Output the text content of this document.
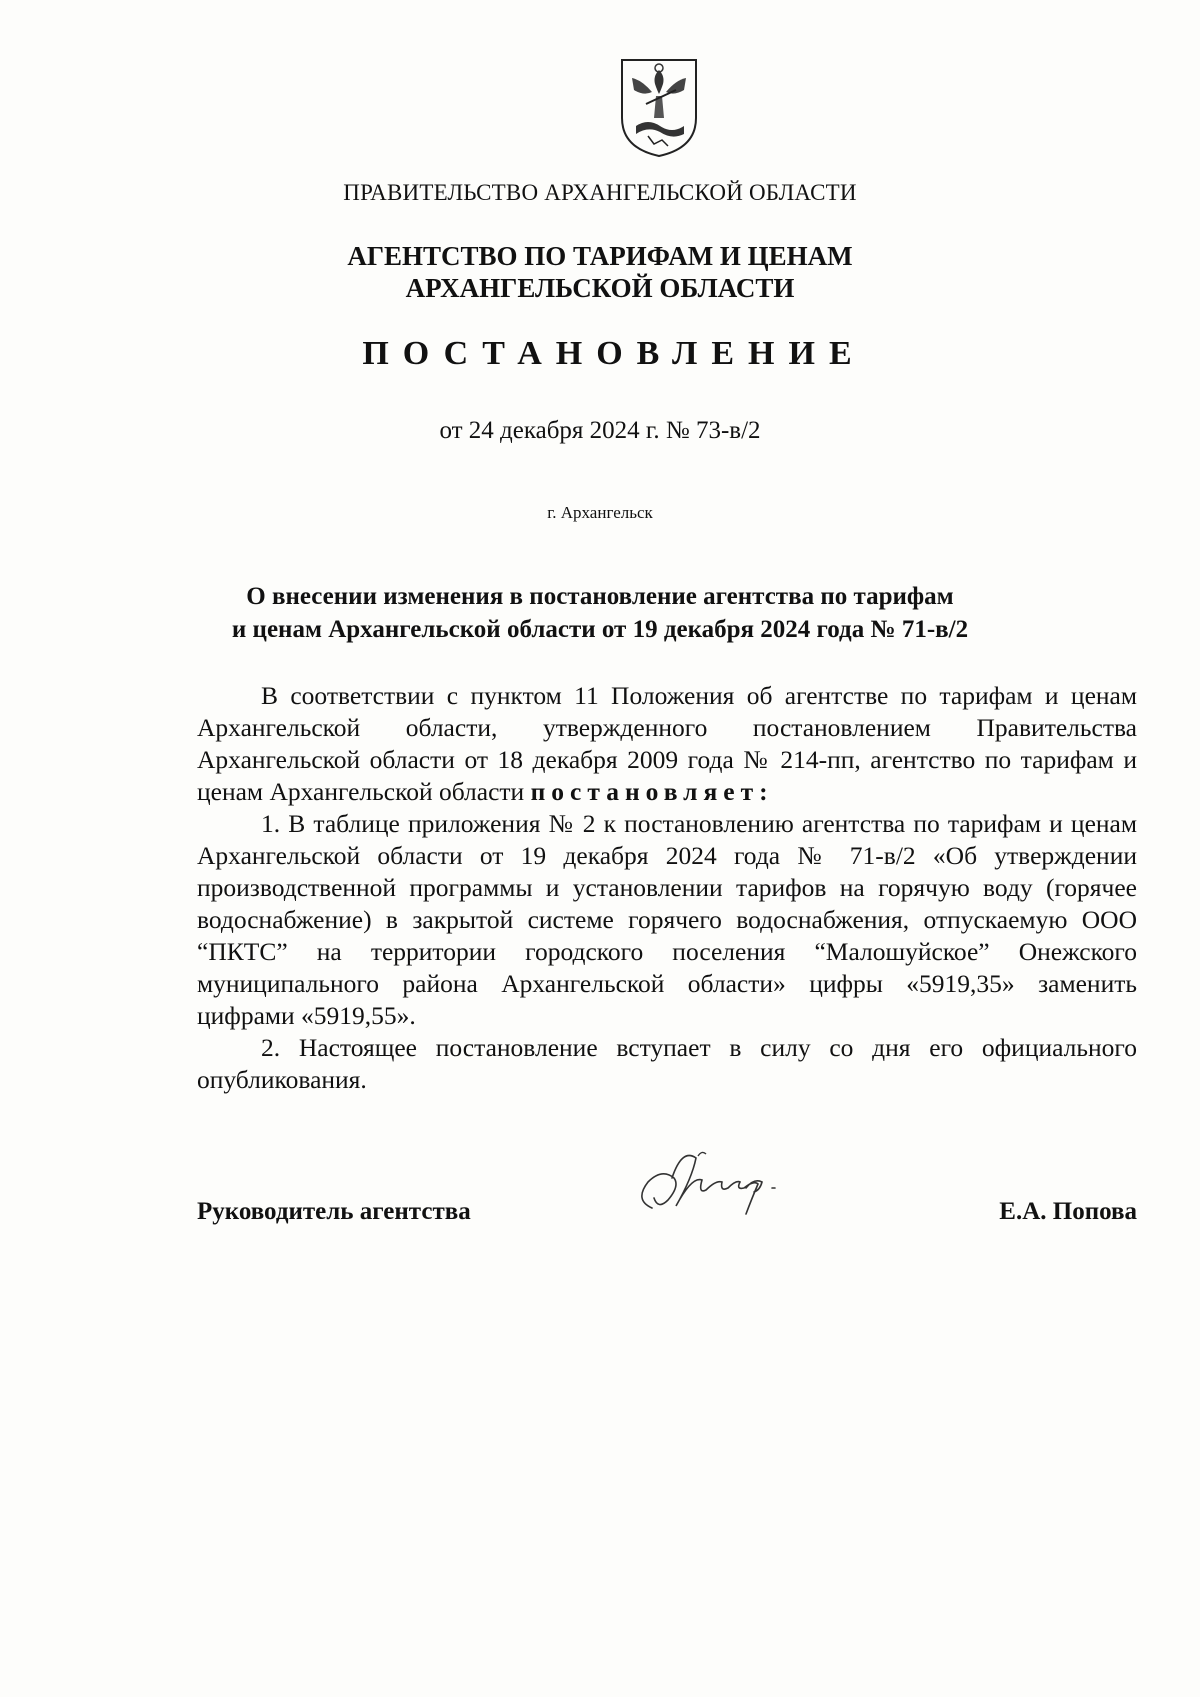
ПРАВИТЕЛЬСТВО АРХАНГЕЛЬСКОЙ ОБЛАСТИ
АГЕНТСТВО ПО ТАРИФАМ И ЦЕНАМ
АРХАНГЕЛЬСКОЙ ОБЛАСТИ
ПОСТАНОВЛЕНИЕ
от 24 декабря 2024 г. № 73-в/2
г. Архангельск
О внесении изменения в постановление агентства по тарифам
и ценам Архангельской области от 19 декабря 2024 года № 71-в/2

В соответствии с пунктом 11 Положения об агентстве по тарифам и ценам Архангельской области, утвержденного постановлением Правительства Архангельской области от 18 декабря 2009 года № 214-пп, агентство по тарифам и ценам Архангельской области постановляет:

1. В таблице приложения № 2 к постановлению агентства по тарифам и ценам Архангельской области от 19 декабря 2024 года № 71-в/2 «Об утверждении производственной программы и установлении тарифов на горячую воду (горячее водоснабжение) в закрытой системе горячего водоснабжения, отпускаемую ООО “ПКТС” на территории городского поселения “Малошуйское” Онежского муниципального района Архангельской области» цифры «5919,35» заменить цифрами «5919,55».

2. Настоящее постановление вступает в силу со дня его официального опубликования.

Руководитель агентства	Е.А. Попова
